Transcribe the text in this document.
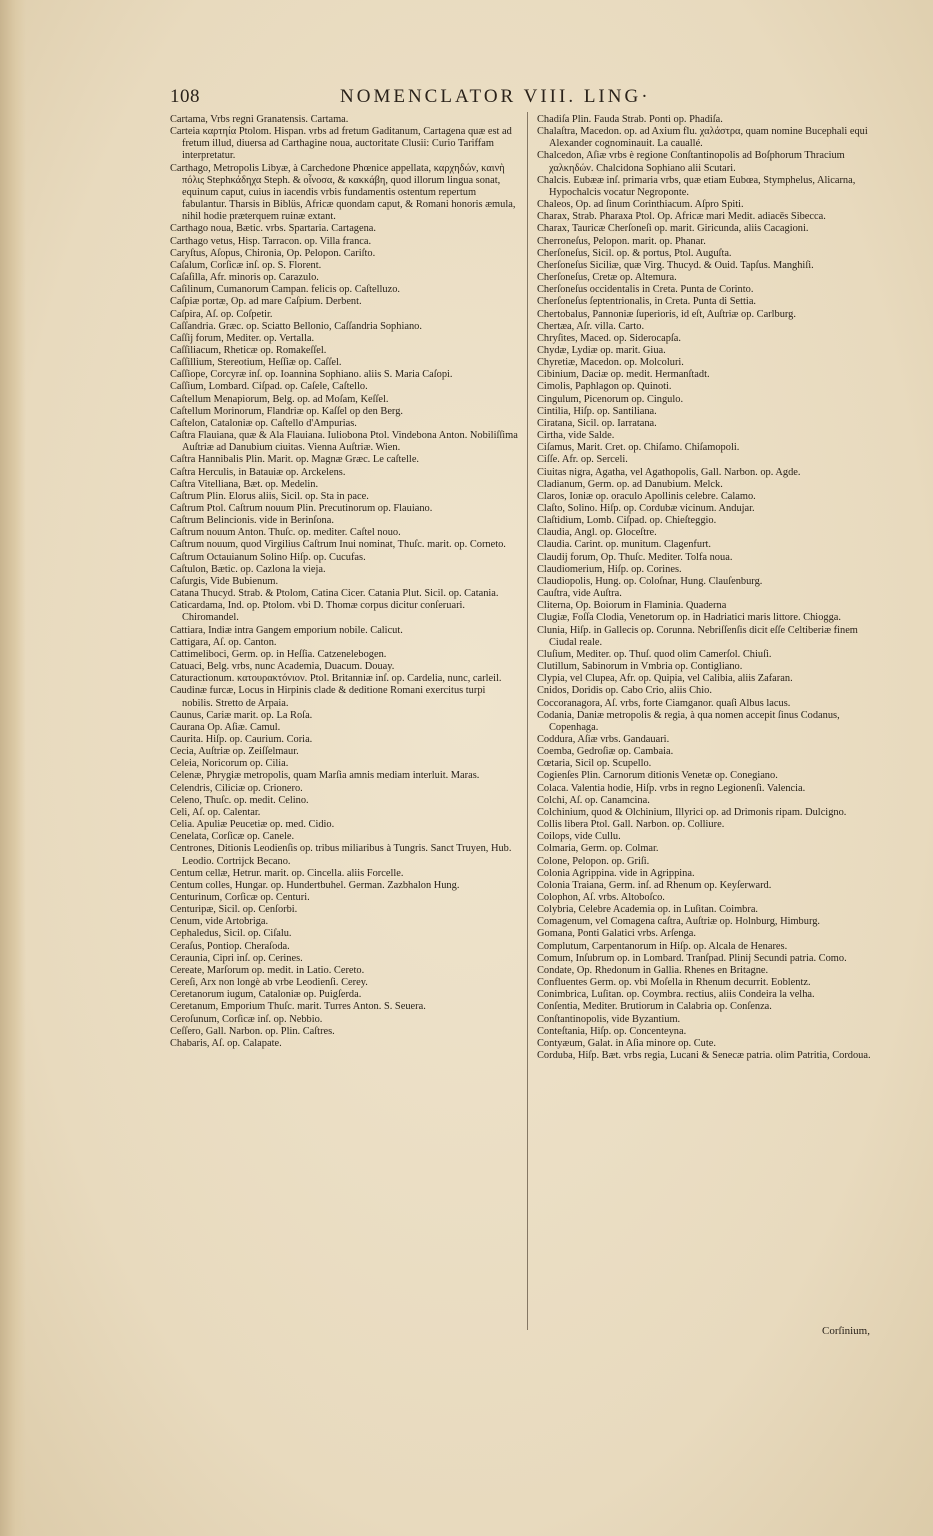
108	NOMENCLATOR VIII. LING·

Cartama, Vrbs regni Granatensis. Cartama.

Carteia καρτηία Ptolom. Hispan. vrbs ad fretum Gaditanum, Cartagena quæ est ad fretum illud, diuersa ad Carthagine noua, auctoritate Clusii: Curio Tariffam interpretatur.

Carthago, Metropolis Libyæ, à Carchedone Phœnice appellata, καρχηδών, καινὴ πόλις Stephκάδηχα Steph. & οἶνοσα, & κακκάβη, quod illorum lingua sonat, equinum caput, cuius in iacendis vrbis fundamentis ostentum repertum fabulantur. Tharsis in Biblüs, Africæ quondam caput, & Romani honoris æmula, nihil hodie præterquem ruinæ extant.

Carthago noua, Bætic. vrbs. Spartaria. Cartagena.

Carthago vetus, Hisp. Tarracon. op. Villa franca.

Caryſtus, Aſopus, Chironia, Op. Pelopon. Cariſto.

Caſalum, Corſicæ inſ. op. S. Florent.

Caſaſilla, Afr. minoris op. Carazulo.

Caſilinum, Cumanorum Campan. felicis op. Caſtelluzo.

Caſpiæ portæ, Op. ad mare Caſpium. Derbent.

Caſpira, Aſ. op. Coſpetir.

Caſſandria. Græc. op. Sciatto Bellonio, Caſſandria Sophiano.

Caſſij forum, Mediter. op. Vertalla.

Caſſiliacum, Rheticæ op. Romakeſſel.

Caſſillium, Stereotium, Heſſiæ op. Caſſel.

Caſſiope, Corcyræ inſ. op. Ioannina Sophiano. aliis S. Maria Caſopi.

Caſſium, Lombard. Ciſpad. op. Caſele, Caſtello.

Caſtellum Menapiorum, Belg. op. ad Moſam, Keſſel.

Caſtellum Morinorum, Flandriæ op. Kaſſel op den Berg.

Caſtelon, Cataloniæ op. Caſtello d'Ampurias.

Caſtra Flauiana, quæ & Ala Flauiana. Iuliobona Ptol. Vindebona Anton. Nobiliſſima Auſtriæ ad Danubium ciuitas. Vienna Auſtriæ. Wien.

Caſtra Hannibalis Plin. Marit. op. Magnæ Græc. Le caſtelle.

Caſtra Herculis, in Batauiæ op. Arckelens.

Caſtra Vitelliana, Bæt. op. Medelin.

Caſtrum Plin. Elorus aliis, Sicil. op. Sta in pace.

Caſtrum Ptol. Caſtrum nouum Plin. Precutinorum op. Flauiano.

Caſtrum Belincionis. vide in Berinſona.

Caſtrum nouum Anton. Thuſc. op. mediter. Caſtel nouo.

Caſtrum nouum, quod Virgilius Caſtrum Inui nominat, Thuſc. marit. op. Corneto.

Caſtrum Octauianum Solino Hiſp. op. Cucufas.

Caſtulon, Bætic. op. Cazlona la vieja.

Caſurgis, Vide Bubienum.

Catana Thucyd. Strab. & Ptolom, Catina Cicer. Catania Plut. Sicil. op. Catania.

Caticardama, Ind. op. Ptolom. vbi D. Thomæ corpus dicitur conſeruari. Chiromandel.

Cattiara, Indiæ intra Gangem emporium nobile. Calicut.

Cattigara, Aſ. op. Canton.

Cattimeliboci, Germ. op. in Heſſia. Catzenelebogen.

Catuaci, Belg. vrbs, nunc Academia, Duacum. Douay.

Caturactionum. κατουρακτόνιον. Ptol. Britanniæ inſ. op. Cardelia, nunc, carleil.

Caudinæ furcæ, Locus in Hirpinis clade & deditione Romani exercitus turpi nobilis. Stretto de Arpaia.

Caunus, Cariæ marit. op. La Roſa.

Caurana Op. Aſiæ. Camul.

Caurita. Hiſp. op. Caurium. Coria.

Cecia, Auſtriæ op. Zeiſſelmaur.

Celeia, Noricorum op. Cilia.

Celenæ, Phrygiæ metropolis, quam Marſia amnis mediam interluit. Maras.

Celendris, Ciliciæ op. Crionero.

Celeno, Thuſc. op. medit. Celino.

Celi, Aſ. op. Calentar.

Celia. Apuliæ Peucetiæ op. med. Cidio.

Cenelata, Corſicæ op. Canele.

Centrones, Ditionis Leodienſis op. tribus miliaribus à Tungris. Sanct Truyen, Hub. Leodio. Cortrijck Becano.

Centum cellæ, Hetrur. marit. op. Cincella. aliis Forcelle.

Centum colles, Hungar. op. Hundertbuhel. German. Zazbhalon Hung.

Centurinum, Corſicæ op. Centuri.

Centuripæ, Sicil. op. Cenſorbi.

Cenum, vide Artobriga.

Cephaledus, Sicil. op. Ciſalu.

Ceraſus, Pontiop. Cheraſoda.

Ceraunia, Cipri inſ. op. Cerines.

Cereate, Marſorum op. medit. in Latio. Cereto.

Cereſi, Arx non longè ab vrbe Leodienſi. Cerey.

Ceretanorum iugum, Cataloniæ op. Puigſerda.

Ceretanum, Emporium Thuſc. marit. Turres Anton. S. Seuera.

Ceroſunum, Corſicæ inſ. op. Nebbio.

Ceſſero, Gall. Narbon. op. Plin. Caſtres.

Chabaris, Aſ. op. Calapate.

Chadiſa Plin. Fauda Strab. Ponti op. Phadiſa.

Chalaſtra, Macedon. op. ad Axium flu. χαλάστρα, quam nomine Bucephali equi Alexander cognominauit. La cauallé.

Chalcedon, Aſiæ vrbs è regione Conſtantinopolis ad Boſphorum Thracium χαλκηδών. Chalcidona Sophiano alii Scutari.

Chalcis. Eubææ inſ. primaria vrbs, quæ etiam Eubœa, Stymphelus, Alicarna, Hypochalcis vocatur Negroponte.

Chaleos, Op. ad ſinum Corinthiacum. Aſpro Spiti.

Charax, Strab. Pharaxa Ptol. Op. Africæ mari Medit. adiacēs Sibecca.

Charax, Tauricæ Cherſoneſi op. marit. Giricunda, aliis Cacagioni.

Cherroneſus, Pelopon. marit. op. Phanar.

Cherſoneſus, Sicil. op. & portus, Ptol. Auguſta.

Cherſoneſus Siciliæ, quæ Virg. Thucyd. & Ouid. Tapſus. Manghiſi.

Cherſoneſus, Cretæ op. Altemura.

Cherſoneſus occidentalis in Creta. Punta de Corinto.

Cherſoneſus ſeptentrionalis, in Creta. Punta di Settia.

Chertobalus, Pannoniæ ſuperioris, id eſt, Auſtriæ op. Carlburg.

Chertæa, Aſr. villa. Carto.

Chryſites, Maced. op. Siderocapſa.

Chydæ, Lydiæ op. marit. Giua.

Chyretiæ, Macedon. op. Molcoluri.

Cibinium, Daciæ op. medit. Hermanſtadt.

Cimolis, Paphlagon op. Quinoti.

Cingulum, Picenorum op. Cingulo.

Cintilia, Hiſp. op. Santiliana.

Ciratana, Sicil. op. Iarratana.

Cirtha, vide Salde.

Ciſamus, Marit. Cret. op. Chiſamo. Chiſamopoli.

Ciſſe. Afr. op. Serceli.

Ciuitas nigra, Agatha, vel Agathopolis, Gall. Narbon. op. Agde.

Cladianum, Germ. op. ad Danubium. Melck.

Claros, Ioniæ op. oraculo Apollinis celebre. Calamo.

Claſto, Solino. Hiſp. op. Cordubæ vicinum. Andujar.

Claſtidium, Lomb. Ciſpad. op. Chieſteggio.

Claudia, Angl. op. Gloceſtre.

Claudia. Carint. op. munitum. Clagenfurt.

Claudij forum, Op. Thuſc. Mediter. Tolfa noua.

Claudiomerium, Hiſp. op. Corines.

Claudiopolis, Hung. op. Coloſnar, Hung. Clauſenburg.

Cauſtra, vide Auſtra.

Cliterna, Op. Boiorum in Flaminia. Quaderna

Clugiæ, Foſſa Clodia, Venetorum op. in Hadriatici maris littore. Chiogga.

Clunia, Hiſp. in Gallecis op. Corunna. Nebriſſenſis dicit eſſe Celtiberiæ finem Ciudal reale.

Cluſium, Mediter. op. Thuſ. quod olim Camerſol. Chiuſi.

Clutillum, Sabinorum in Vmbria op. Contigliano.

Clypia, vel Clupea, Afr. op. Quipia, vel Calibia, aliis Zafaran.

Cnidos, Doridis op. Cabo Crio, aliis Chio.

Coccoranagora, Aſ. vrbs, forte Ciamganor. quaſi Albus lacus.

Codania, Daniæ metropolis & regia, à qua nomen accepit ſinus Codanus, Copenhaga.

Coddura, Aſiæ vrbs. Gandauari.

Coemba, Gedroſiæ op. Cambaia.

Cœtaria, Sicil op. Scupello.

Cogienſes Plin. Carnorum ditionis Venetæ op. Conegiano.

Colaca. Valentia hodie, Hiſp. vrbs in regno Legionenſi. Valencia.

Colchi, Aſ. op. Canamcina.

Colchinium, quod & Olchinium, Illyrici op. ad Drimonis ripam. Dulcigno.

Collis libera Ptol. Gall. Narbon. op. Colliure.

Coilops, vide Cullu.

Colmaria, Germ. op. Colmar.

Colone, Pelopon. op. Griſi.

Colonia Agrippina. vide in Agrippina.

Colonia Traiana, Germ. inſ. ad Rhenum op. Keyſerward.

Colophon, Aſ. vrbs. Altoboſco.

Colybria, Celebre Academia op. in Luſitan. Coimbra.

Comagenum, vel Comagena caſtra, Auſtriæ op. Holnburg, Himburg.

Gomana, Ponti Galatici vrbs. Arſenga.

Complutum, Carpentanorum in Hiſp. op. Alcala de Henares.

Comum, Inſubrum op. in Lombard. Tranſpad. Plinij Secundi patria. Como.

Condate, Op. Rhedonum in Gallia. Rhenes en Britagne.

Confluentes Germ. op. vbi Moſella in Rhenum decurrit. Eoblentz.

Conimbrica, Luſitan. op. Coymbra. rectius, aliis Condeira la velha.

Conſentia, Mediter. Brutiorum in Calabria op. Conſenza.

Conſtantinopolis, vide Byzantium.

Conteſtania, Hiſp. op. Concenteyna.

Contyæum, Galat. in Aſia minore op. Cute.

Corduba, Hiſp. Bæt. vrbs regia, Lucani & Senecæ patria. olim Patritia, Cordoua.

Corſinium,
